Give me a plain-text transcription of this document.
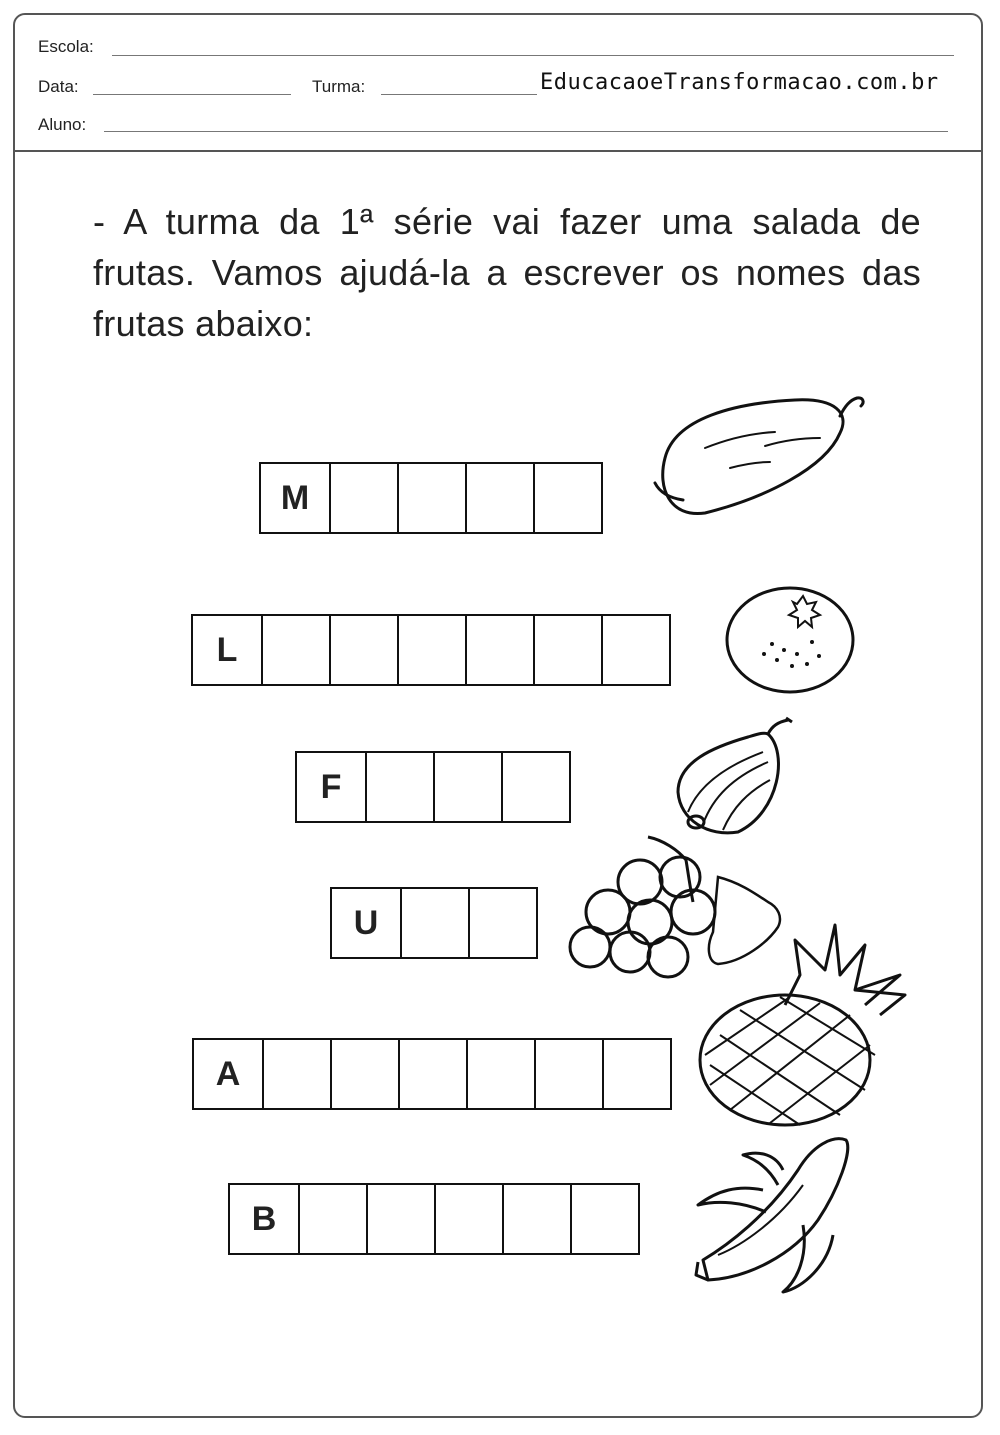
Escola:
Data:	Turma:	EducacaoeTransformacao.com.br
Aluno:
- A turma da 1ª série vai fazer uma salada de frutas. Vamos ajudá-la a escrever os nomes das frutas abaixo:
M
L
F
U
A
B
